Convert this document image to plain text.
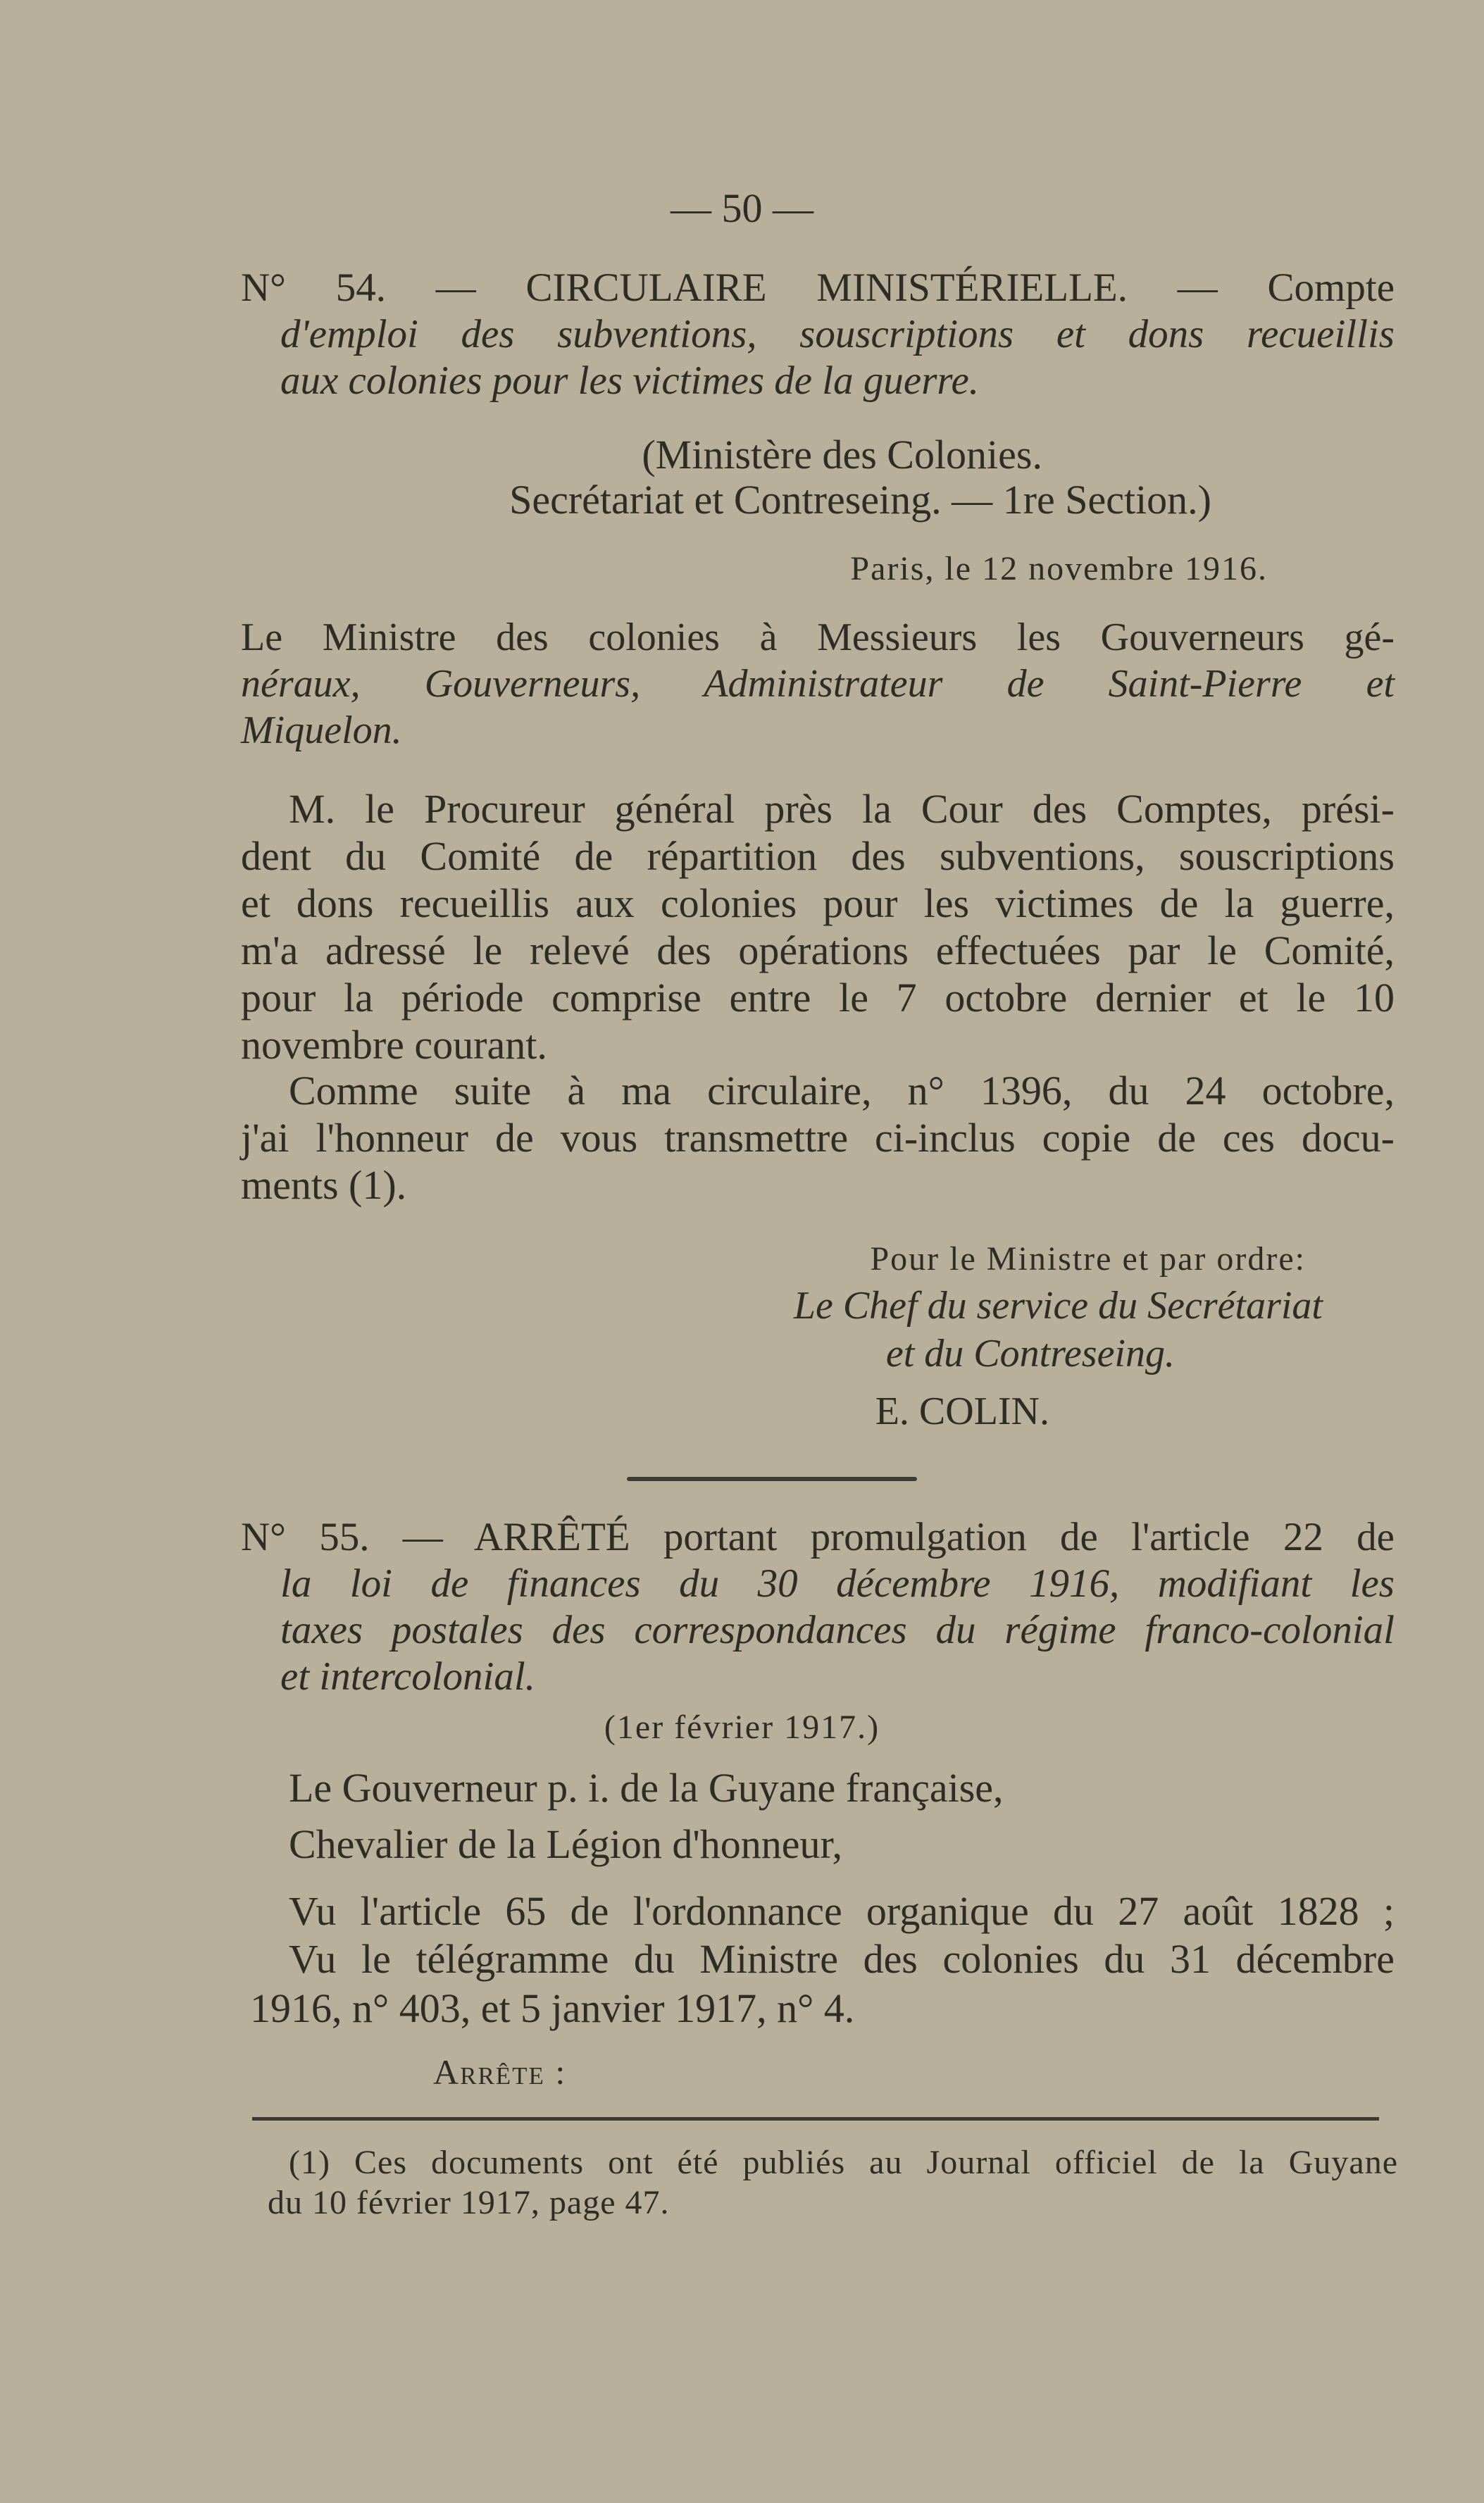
— 50 —
N° 54. — CIRCULAIRE MINISTÉRIELLE. — Compte
d'emploi des subventions, souscriptions et dons recueillis
aux colonies pour les victimes de la guerre.
(Ministère des Colonies.
Secrétariat et Contreseing. — 1re Section.)
Paris, le 12 novembre 1916.
Le Ministre des colonies à Messieurs les Gouverneurs gé-
néraux, Gouverneurs, Administrateur de Saint-Pierre et
Miquelon.
M. le Procureur général près la Cour des Comptes, prési-
dent du Comité de répartition des subventions, souscriptions
et dons recueillis aux colonies pour les victimes de la guerre,
m'a adressé le relevé des opérations effectuées par le Comité,
pour la période comprise entre le 7 octobre dernier et le 10
novembre courant.
Comme suite à ma circulaire, n° 1396, du 24 octobre,
j'ai l'honneur de vous transmettre ci-inclus copie de ces docu-
ments (1).
Pour le Ministre et par ordre:
Le Chef du service du Secrétariat
et du Contreseing.
E. COLIN.
N° 55. — ARRÊTÉ portant promulgation de l'article 22 de
la loi de finances du 30 décembre 1916, modifiant les
taxes postales des correspondances du régime franco-colonial
et intercolonial.
(1er février 1917.)
Le Gouverneur p. i. de la Guyane française,
Chevalier de la Légion d'honneur,
Vu l'article 65 de l'ordonnance organique du 27 août 1828 ;
Vu le télégramme du Ministre des colonies du 31 décembre
1916, n° 403, et 5 janvier 1917, n° 4.
Arrête :
(1) Ces documents ont été publiés au Journal officiel de la Guyane
du 10 février 1917, page 47.
